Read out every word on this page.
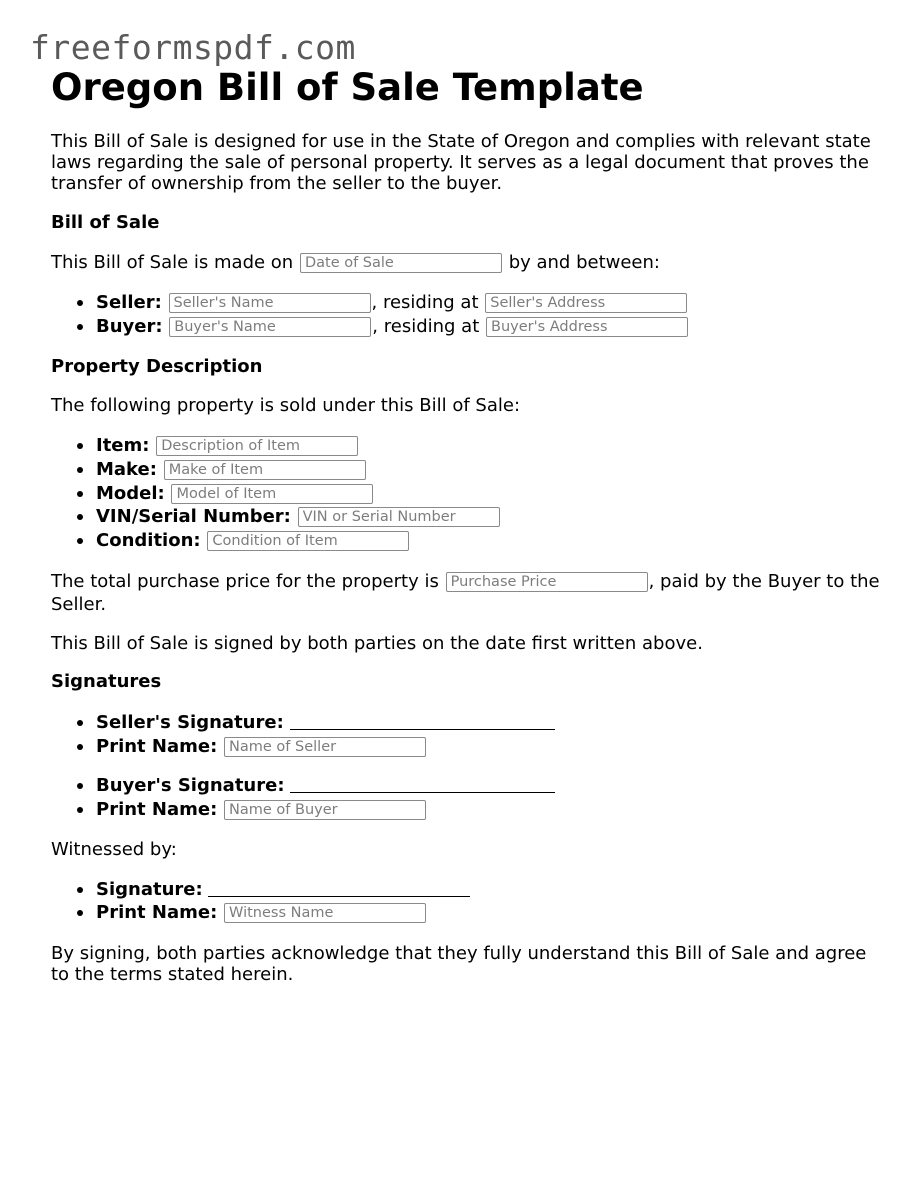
freeformspdf.com
Oregon Bill of Sale Template

This Bill of Sale is designed for use in the State of Oregon and complies with relevant state laws regarding the sale of personal property. It serves as a legal document that proves the transfer of ownership from the seller to the buyer.

Bill of Sale

This Bill of Sale is made on Date of Sale	by and between:

Seller: Seller's Name	, residing at Seller's Address
Buyer: Buyer's Name	, residing at Buyer's Address
Property Description

The following property is sold under this Bill of Sale:

Item: Description of Item
Make: Make of Item
Model: Model of Item
VIN/Serial Number: VIN or Serial Number
Condition: Condition of Item

The total purchase price for the property is Purchase Price	, paid by the Buyer to the Seller.

This Bill of Sale is signed by both parties on the date first written above.

Signatures
Seller's Signature:
Print Name: Name of Seller
Buyer's Signature:
Print Name: Name of Buyer

Witnessed by:

Signature:
Print Name: Witness Name

By signing, both parties acknowledge that they fully understand this Bill of Sale and agree to the terms stated herein.
